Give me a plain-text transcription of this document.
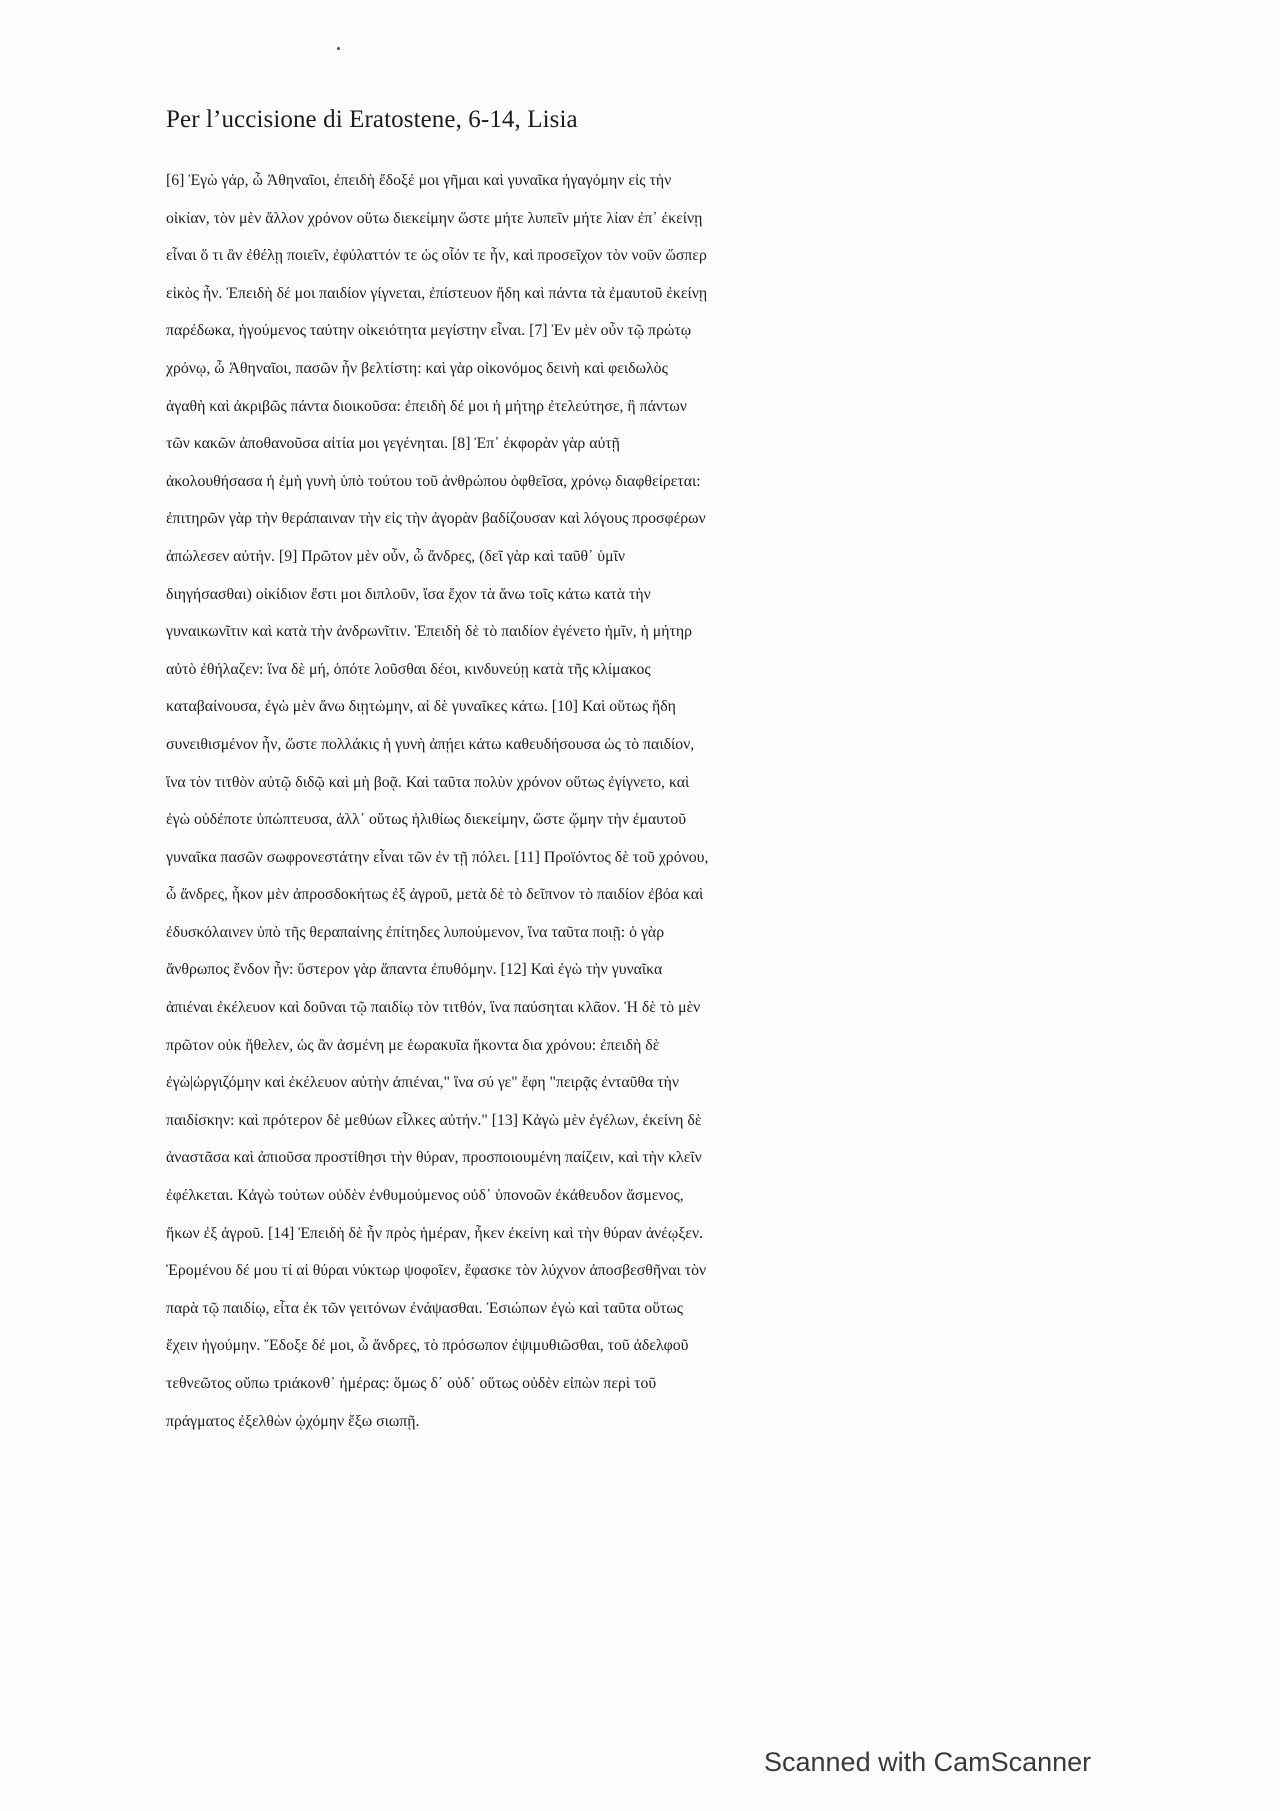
Per l’uccisione di Eratostene, 6-14, Lisia
[6] Ἐγὼ γάρ, ὦ Ἀθηναῖοι, ἐπειδὴ ἔδοξέ μοι γῆμαι καὶ γυναῖκα ἠγαγόμην εἰς τὴν
οἰκίαν, τὸν μὲν ἄλλον χρόνον οὕτω διεκείμην ὥστε μήτε λυπεῖν μήτε λίαν ἐπ᾽ ἐκείνῃ
εἶναι ὅ τι ἂν ἐθέλῃ ποιεῖν, ἐφύλαττόν τε ὡς οἷόν τε ἦν, καὶ προσεῖχον τὸν νοῦν ὥσπερ
εἰκὸς ἦν. Ἐπειδὴ δέ μοι παιδίον γίγνεται, ἐπίστευον ἤδη καὶ πάντα τὰ ἐμαυτοῦ ἐκείνῃ
παρέδωκα, ἡγούμενος ταύτην οἰκειότητα μεγίστην εἶναι. [7] Ἐν μὲν οὖν τῷ πρώτῳ
χρόνῳ, ὦ Ἀθηναῖοι, πασῶν ἦν βελτίστη: καὶ γὰρ οἰκονόμος δεινὴ καὶ φειδωλὸς
ἀγαθὴ καὶ ἀκριβῶς πάντα διοικοῦσα: ἐπειδὴ δέ μοι ἡ μήτηρ ἐτελεύτησε, ἣ πάντων
τῶν κακῶν ἀποθανοῦσα αἰτία μοι γεγένηται. [8] Ἐπ᾽ ἐκφορὰν γὰρ αὐτῇ
ἀκολουθήσασα ἡ ἐμὴ γυνὴ ὑπὸ τούτου τοῦ ἀνθρώπου ὀφθεῖσα, χρόνῳ διαφθείρεται:
ἐπιτηρῶν γὰρ τὴν θεράπαιναν τὴν εἰς τὴν ἀγορὰν βαδίζουσαν καὶ λόγους προσφέρων
ἀπώλεσεν αὐτήν. [9] Πρῶτον μὲν οὖν, ὦ ἄνδρες, (δεῖ γὰρ καὶ ταῦθ᾽ ὑμῖν
διηγήσασθαι) οἰκίδιον ἔστι μοι διπλοῦν, ἴσα ἔχον τὰ ἄνω τοῖς κάτω κατὰ τὴν
γυναικωνῖτιν καὶ κατὰ τὴν ἀνδρωνῖτιν. Ἐπειδὴ δὲ τὸ παιδίον ἐγένετο ἡμῖν, ἡ μήτηρ
αὐτὸ ἐθήλαζεν: ἵνα δὲ μή, ὁπότε λοῦσθαι δέοι, κινδυνεύῃ κατὰ τῆς κλίμακος
καταβαίνουσα, ἐγὼ μὲν ἄνω διῃτώμην, αἱ δὲ γυναῖκες κάτω. [10] Καὶ οὕτως ἤδη
συνειθισμένον ἦν, ὥστε πολλάκις ἡ γυνὴ ἀπῄει κάτω καθευδήσουσα ὡς τὸ παιδίον,
ἵνα τὸν τιτθὸν αὐτῷ διδῷ καὶ μὴ βοᾷ. Καὶ ταῦτα πολὺν χρόνον οὕτως ἐγίγνετο, καὶ
ἐγὼ οὐδέποτε ὑπώπτευσα, ἀλλ᾽ οὕτως ἠλιθίως διεκείμην, ὥστε ᾤμην τὴν ἐμαυτοῦ
γυναῖκα πασῶν σωφρονεστάτην εἶναι τῶν ἐν τῇ πόλει. [11] Προϊόντος δὲ τοῦ χρόνου,
ὦ ἄνδρες, ἧκον μὲν ἀπροσδοκήτως ἐξ ἀγροῦ, μετὰ δὲ τὸ δεῖπνον τὸ παιδίον ἐβόα καὶ
ἐδυσκόλαινεν ὑπὸ τῆς θεραπαίνης ἐπίτηδες λυπούμενον, ἵνα ταῦτα ποιῇ: ὁ γὰρ
ἄνθρωπος ἔνδον ἦν: ὕστερον γὰρ ἅπαντα ἐπυθόμην. [12] Καὶ ἐγὼ τὴν γυναῖκα
ἀπιέναι ἐκέλευον καὶ δοῦναι τῷ παιδίῳ τὸν τιτθόν, ἵνα παύσηται κλᾶον. Ἡ δὲ τὸ μὲν
πρῶτον οὐκ ἤθελεν, ὡς ἂν ἀσμένη με ἑωρακυῖα ἥκοντα δια χρόνου: ἐπειδὴ δὲ
ἐγὼ|ὠργιζόμην καὶ ἐκέλευον αὐτὴν ἀπιέναι," ἵνα σύ γε" ἔφη "πειρᾷς ἐνταῦθα τὴν
παιδίσκην: καὶ πρότερον δὲ μεθύων εἷλκες αὐτήν." [13] Κἀγὼ μὲν ἐγέλων, ἐκείνη δὲ
ἀναστᾶσα καὶ ἀπιοῦσα προστίθησι τὴν θύραν, προσποιουμένη παίζειν, καὶ τὴν κλεῖν
ἐφέλκεται. Κἀγὼ τούτων οὐδὲν ἐνθυμούμενος οὐδ᾽ ὑπονοῶν ἐκάθευδον ἄσμενος,
ἥκων ἐξ ἀγροῦ. [14] Ἐπειδὴ δὲ ἦν πρὸς ἡμέραν, ἧκεν ἐκείνη καὶ τὴν θύραν ἀνέῳξεν.
Ἐρομένου δέ μου τί αἱ θύραι νύκτωρ ψοφοῖεν, ἔφασκε τὸν λύχνον ἀποσβεσθῆναι τὸν
παρὰ τῷ παιδίῳ, εἶτα ἐκ τῶν γειτόνων ἐνάψασθαι. Ἐσιώπων ἐγὼ καὶ ταῦτα οὕτως
ἔχειν ἡγούμην. Ἔδοξε δέ μοι, ὦ ἄνδρες, τὸ πρόσωπον ἐψιμυθιῶσθαι, τοῦ ἀδελφοῦ
τεθνεῶτος οὔπω τριάκονθ᾽ ἡμέρας: ὅμως δ᾽ οὐδ᾽ οὕτως οὐδὲν εἰπὼν περὶ τοῦ
πράγματος ἐξελθὼν ᾠχόμην ἔξω σιωπῇ.
Scanned with CamScanner
